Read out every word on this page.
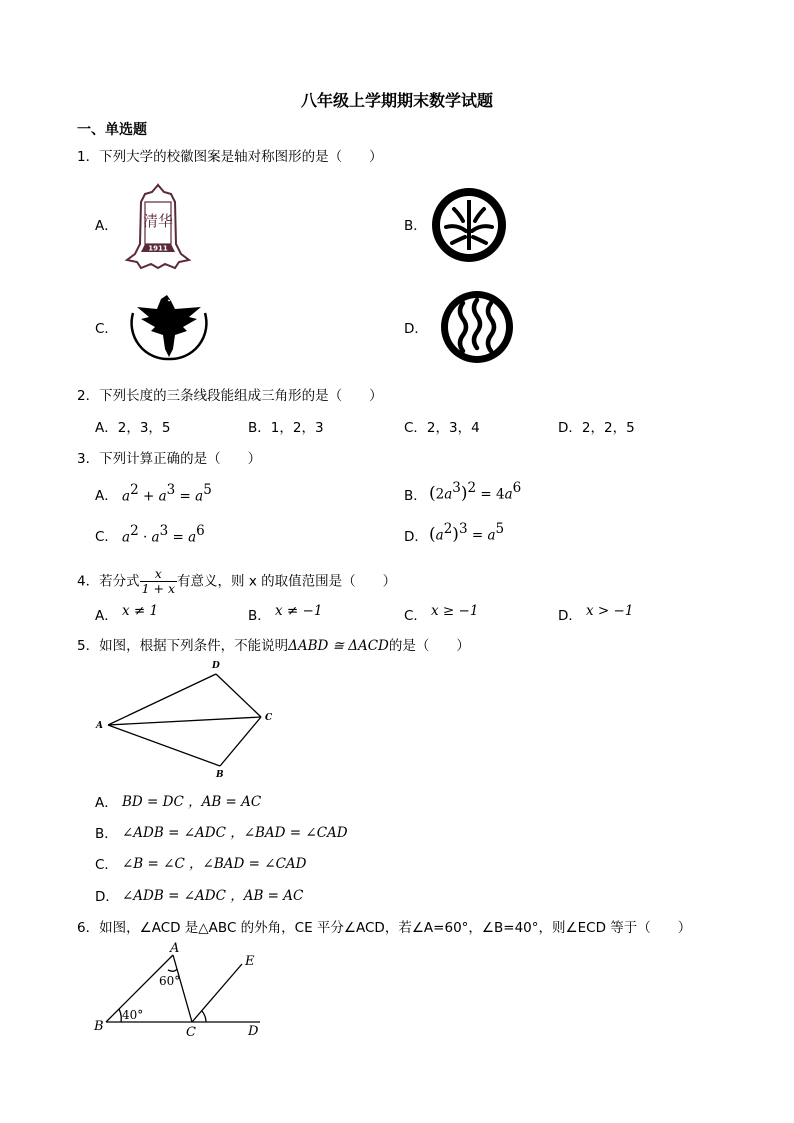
八年级上学期期末数学试题
一、单选题
1．下列大学的校徽图案是轴对称图形的是（　　）
A．	B．
C．	D．
清华
1911
2．下列长度的三条线段能组成三角形的是（　　）
A．2，3，5	B．1，2，3	C．2，3，4	D．2，2，5
3．下列计算正确的是（　　）
A． $a^2 + a^3 = a^5$	B． $(2a^3)^2 = 4a^6$
C． $a^2 \cdot a^3 = a^6$	D． $(a^2)^3 = a^5$
4．若分式 $\frac{x}{1 + x}$ 有意义，则 x 的取值范围是（　　）
A． x ≠ 1	B． x ≠ −1	C． x ≥ −1	D． x > −1
5．如图，根据下列条件，不能说明ΔABD ≅ ΔACD的是（　　）
A
D
C
B
A． BD = DC ，AB = AC
B． ∠ADB = ∠ADC ，∠BAD = ∠CAD
C． ∠B = ∠C ，∠BAD = ∠CAD
D． ∠ADB = ∠ADC ，AB = AC
6．如图，∠ACD 是△ABC 的外角，CE 平分∠ACD，若∠A=60°，∠B=40°，则∠ECD 等于（　　）
A
B	C	D
E
60°
40°
